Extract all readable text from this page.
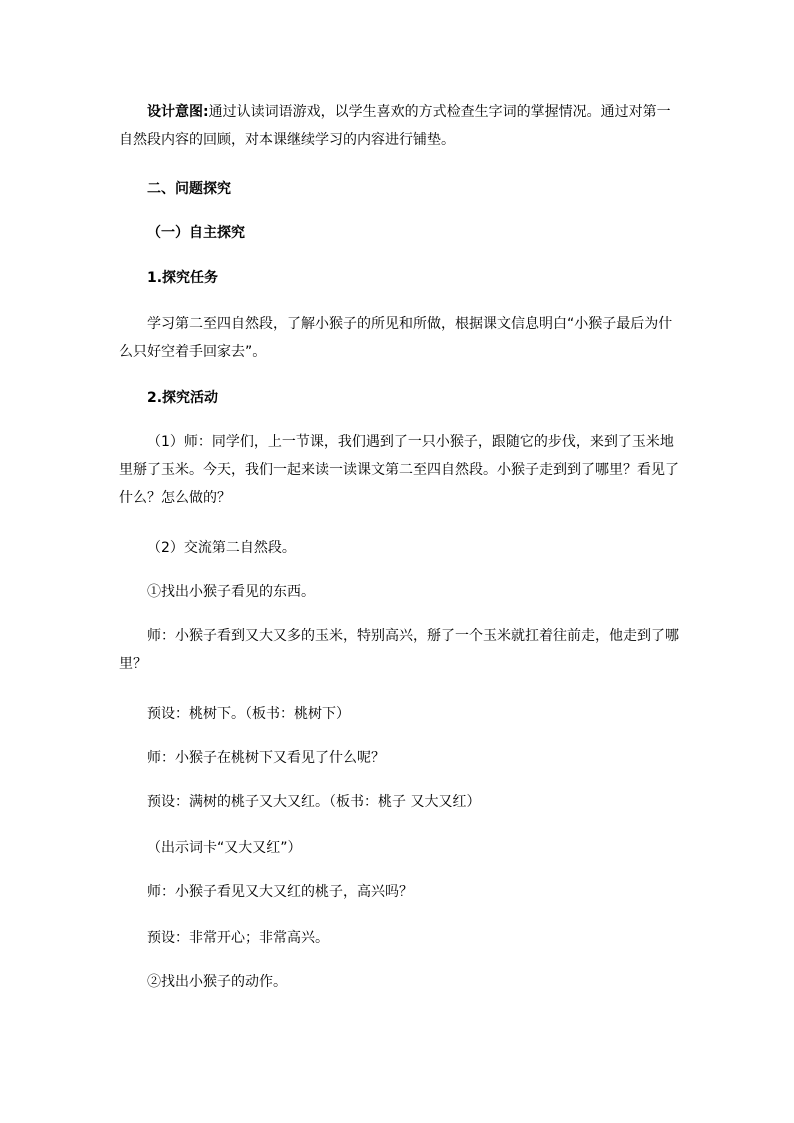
设计意图:通过认读词语游戏，以学生喜欢的方式检查生字词的掌握情况。通过对第一自然段内容的回顾，对本课继续学习的内容进行铺垫。

二、问题探究

（一）自主探究

1.探究任务

学习第二至四自然段，了解小猴子的所见和所做，根据课文信息明白“小猴子最后为什么只好空着手回家去”。

2.探究活动

（1）师：同学们，上一节课，我们遇到了一只小猴子，跟随它的步伐，来到了玉米地里掰了玉米。今天，我们一起来读一读课文第二至四自然段。小猴子走到到了哪里？看见了什么？怎么做的？

（2）交流第二自然段。

①找出小猴子看见的东西。

师：小猴子看到又大又多的玉米，特别高兴，掰了一个玉米就扛着往前走，他走到了哪里？

预设：桃树下。（板书：桃树下）

师：小猴子在桃树下又看见了什么呢？

预设：满树的桃子又大又红。（板书：桃子 又大又红）

（出示词卡“又大又红”）

师：小猴子看见又大又红的桃子，高兴吗？

预设：非常开心；非常高兴。

②找出小猴子的动作。
